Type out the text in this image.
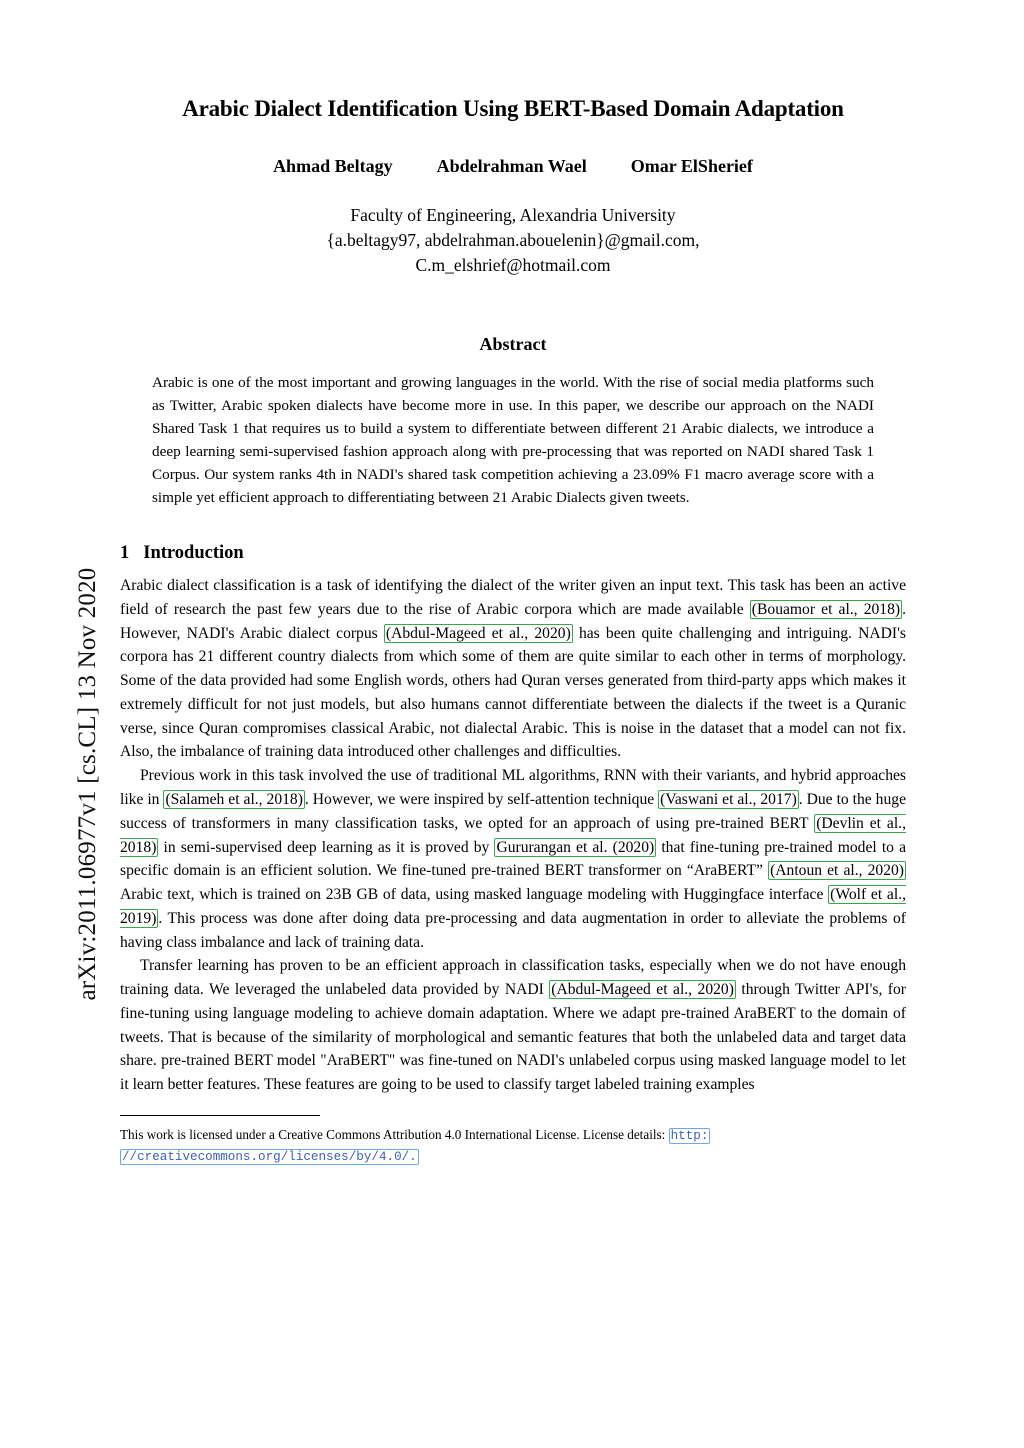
arXiv:2011.06977v1 [cs.CL] 13 Nov 2020
Arabic Dialect Identification Using BERT-Based Domain Adaptation
Ahmad Beltagy Abdelrahman Wael Omar ElSherief
Faculty of Engineering, Alexandria University
{a.beltagy97, abdelrahman.abouelenin}@gmail.com,
C.m_elshrief@hotmail.com
Abstract
Arabic is one of the most important and growing languages in the world. With the rise of social media platforms such as Twitter, Arabic spoken dialects have become more in use. In this paper, we describe our approach on the NADI Shared Task 1 that requires us to build a system to differentiate between different 21 Arabic dialects, we introduce a deep learning semi-supervised fashion approach along with pre-processing that was reported on NADI shared Task 1 Corpus. Our system ranks 4th in NADI's shared task competition achieving a 23.09% F1 macro average score with a simple yet efficient approach to differentiating between 21 Arabic Dialects given tweets.
1 Introduction

Arabic dialect classification is a task of identifying the dialect of the writer given an input text. This task has been an active field of research the past few years due to the rise of Arabic corpora which are made available (Bouamor et al., 2018) . However, NADI's Arabic dialect corpus (Abdul-Mageed et al., 2020) has been quite challenging and intriguing. NADI's corpora has 21 different country dialects from which some of them are quite similar to each other in terms of morphology. Some of the data provided had some English words, others had Quran verses generated from third-party apps which makes it extremely difficult for not just models, but also humans cannot differentiate between the dialects if the tweet is a Quranic verse, since Quran compromises classical Arabic, not dialectal Arabic. This is noise in the dataset that a model can not fix. Also, the imbalance of training data introduced other challenges and difficulties.

Previous work in this task involved the use of traditional ML algorithms, RNN with their variants, and hybrid approaches like in (Salameh et al., 2018) . However, we were inspired by self-attention technique (Vaswani et al., 2017) . Due to the huge success of transformers in many classification tasks, we opted for an approach of using pre-trained BERT (Devlin et al., 2018) in semi-supervised deep learning as it is proved by Gururangan et al. (2020) that fine-tuning pre-trained model to a specific domain is an efficient solution. We fine-tuned pre-trained BERT transformer on “AraBERT” (Antoun et al., 2020) Arabic text, which is trained on 23B GB of data, using masked language modeling with Huggingface interface (Wolf et al., 2019) . This process was done after doing data pre-processing and data augmentation in order to alleviate the problems of having class imbalance and lack of training data.

Transfer learning has proven to be an efficient approach in classification tasks, especially when we do not have enough training data. We leveraged the unlabeled data provided by NADI (Abdul-Mageed et al., 2020) through Twitter API's, for fine-tuning using language modeling to achieve domain adaptation. Where we adapt pre-trained AraBERT to the domain of tweets. That is because of the similarity of morphological and semantic features that both the unlabeled data and target data share. pre-trained BERT model "AraBERT" was fine-tuned on NADI's unlabeled corpus using masked language model to let it learn better features. These features are going to be used to classify target labeled training examples

This work is licensed under a Creative Commons Attribution 4.0 International License. License details: http:
//creativecommons.org/licenses/by/4.0/.
